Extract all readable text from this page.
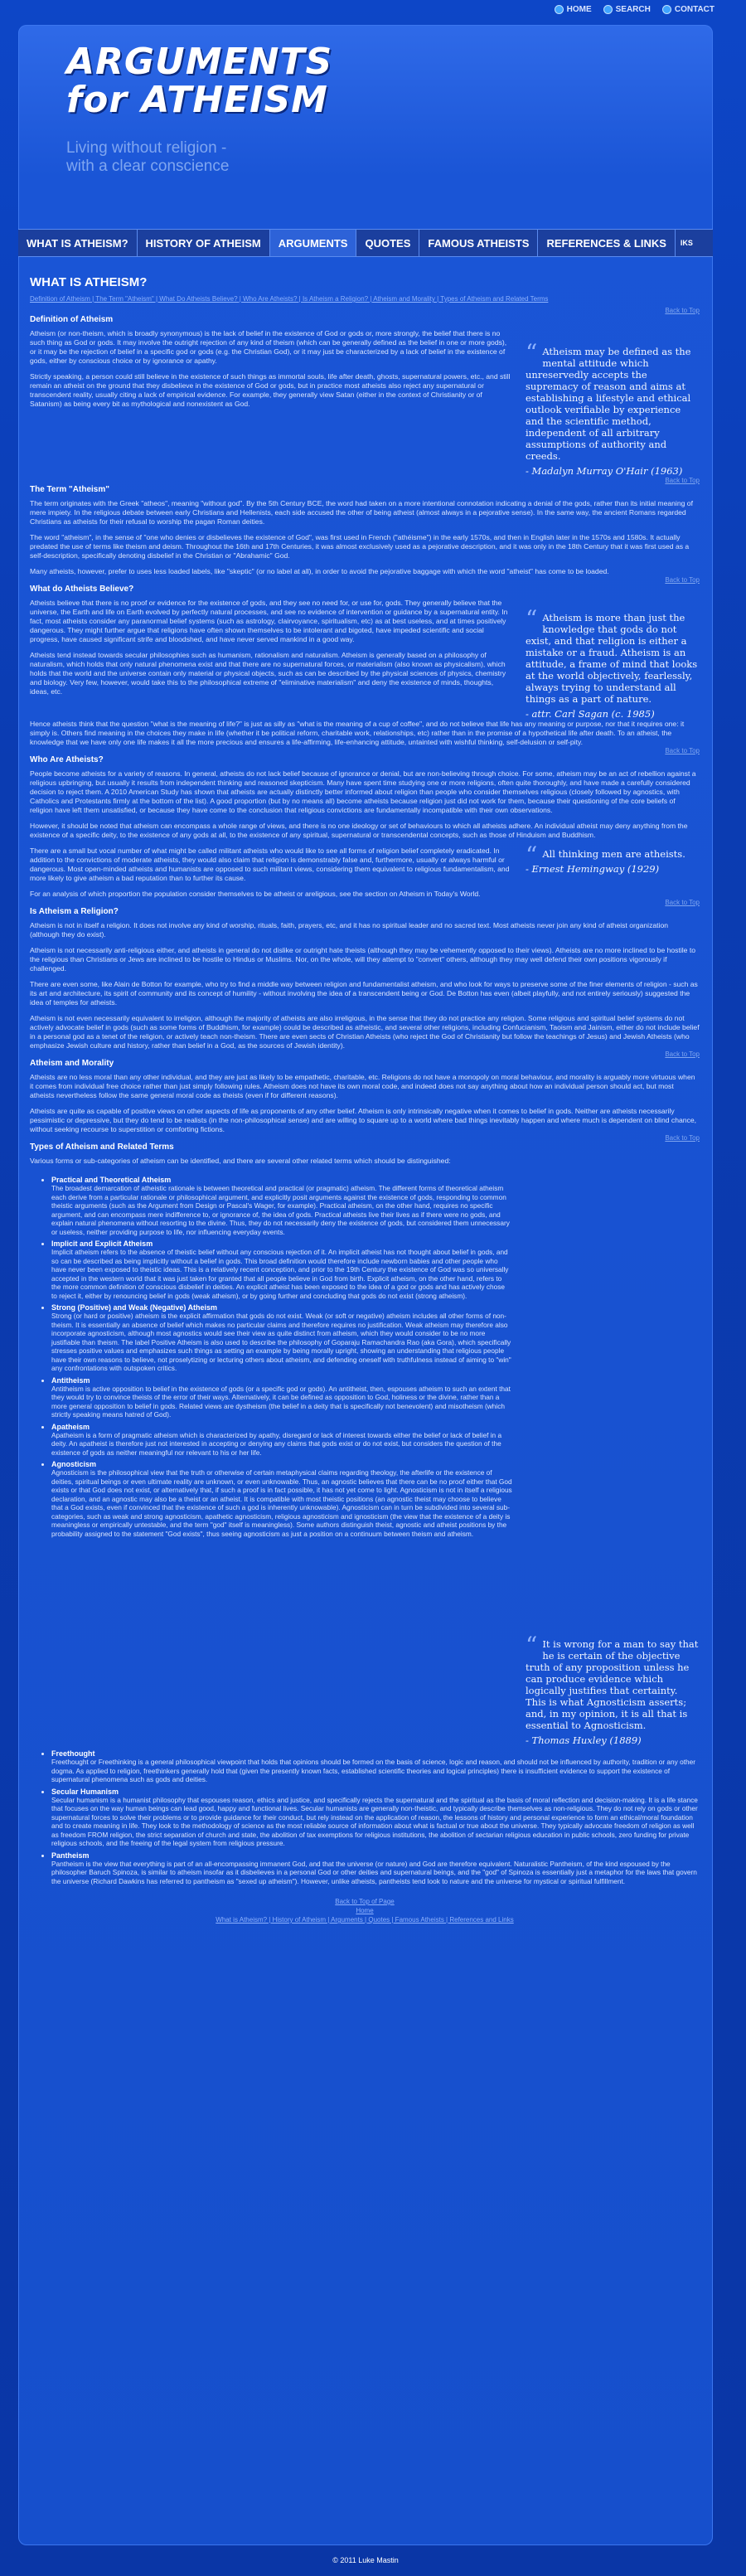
HOME	SEARCH	CONTACT
ARGUMENTS
for ATHEISM
Living without religion -
with a clear conscience
WHAT IS ATHEISM?	HISTORY OF ATHEISM	ARGUMENTS	QUOTES	FAMOUS ATHEISTS	REFERENCES & LINKS	IKS
WHAT IS ATHEISM?
Definition of Atheism | The Term "Atheism" | What Do Atheists Believe? | Who Are Atheists? | Is Atheism a Religion? | Atheism and Morality | Types of Atheism and Related Terms
Back to Top
Definition of Atheism

Atheism (or non-theism, which is broadly synonymous) is the lack of belief in the existence of God or gods or, more strongly, the belief that there is no such thing as God or gods. It may involve the outright rejection of any kind of theism (which can be generally defined as the belief in one or more gods), or it may be the rejection of belief in a specific god or gods (e.g. the Christian God), or it may just be characterized by a lack of belief in the existence of gods, either by conscious choice or by ignorance or apathy.

Strictly speaking, a person could still believe in the existence of such things as immortal souls, life after death, ghosts, supernatural powers, etc., and still remain an atheist on the ground that they disbelieve in the existence of God or gods, but in practice most atheists also reject any supernatural or transcendent reality, usually citing a lack of empirical evidence. For example, they generally view Satan (either in the context of Christianity or of Satanism) as being every bit as mythological and nonexistent as God.

“ Atheism may be defined as the mental attitude which unreservedly accepts the supremacy of reason and aims at establishing a lifestyle and ethical outlook verifiable by experience and the scientific method, independent of all arbitrary assumptions of authority and creeds.
- Madalyn Murray O'Hair (1963)
Back to Top
The Term "Atheism"

The term originates with the Greek "atheos", meaning "without god". By the 5th Century BCE, the word had taken on a more intentional connotation indicating a denial of the gods, rather than its initial meaning of mere impiety. In the religious debate between early Christians and Hellenists, each side accused the other of being atheist (almost always in a pejorative sense). In the same way, the ancient Romans regarded Christians as atheists for their refusal to worship the pagan Roman deities.

The word "atheism", in the sense of "one who denies or disbelieves the existence of God", was first used in French ("athéisme") in the early 1570s, and then in English later in the 1570s and 1580s. It actually predated the use of terms like theism and deism. Throughout the 16th and 17th Centuries, it was almost exclusively used as a pejorative description, and it was only in the 18th Century that it was first used as a self-description, specifically denoting disbelief in the Christian or "Abrahamic" God.

Many atheists, however, prefer to uses less loaded labels, like "skeptic" (or no label at all), in order to avoid the pejorative baggage with which the word "atheist" has come to be loaded.

Back to Top
What do Atheists Believe?

Atheists believe that there is no proof or evidence for the existence of gods, and they see no need for, or use for, gods. They generally believe that the universe, the Earth and life on Earth evolved by perfectly natural processes, and see no evidence of intervention or guidance by a supernatural entity. In fact, most atheists consider any paranormal belief systems (such as astrology, clairvoyance, spiritualism, etc) as at best useless, and at times positively dangerous. They might further argue that religions have often shown themselves to be intolerant and bigoted, have impeded scientific and social progress, have caused significant strife and bloodshed, and have never served mankind in a good way.

Atheists tend instead towards secular philosophies such as humanism, rationalism and naturalism. Atheism is generally based on a philosophy of naturalism, which holds that only natural phenomena exist and that there are no supernatural forces, or materialism (also known as physicalism), which holds that the world and the universe contain only material or physical objects, such as can be described by the physical sciences of physics, chemistry and biology. Very few, however, would take this to the philosophical extreme of "eliminative materialism" and deny the existence of minds, thoughts, ideas, etc.

“ Atheism is more than just the knowledge that gods do not exist, and that religion is either a mistake or a fraud. Atheism is an attitude, a frame of mind that looks at the world objectively, fearlessly, always trying to understand all things as a part of nature.
- attr. Carl Sagan (c. 1985)

Hence atheists think that the question "what is the meaning of life?" is just as silly as "what is the meaning of a cup of coffee", and do not believe that life has any meaning or purpose, nor that it requires one: it simply is. Others find meaning in the choices they make in life (whether it be political reform, charitable work, relationships, etc) rather than in the promise of a hypothetical life after death. To an atheist, the knowledge that we have only one life makes it all the more precious and ensures a life-affirming, life-enhancing attitude, untainted with wishful thinking, self-delusion or self-pity.

Back to Top
Who Are Atheists?

People become atheists for a variety of reasons. In general, atheists do not lack belief because of ignorance or denial, but are non-believing through choice. For some, atheism may be an act of rebellion against a religious upbringing, but usually it results from independent thinking and reasoned skepticism. Many have spent time studying one or more religions, often quite thoroughly, and have made a carefully considered decision to reject them. A 2010 American Study has shown that atheists are actually distinctly better informed about religion than people who consider themselves religious (closely followed by agnostics, with Catholics and Protestants firmly at the bottom of the list). A good proportion (but by no means all) become atheists because religion just did not work for them, because their questioning of the core beliefs of religion have left them unsatisfied, or because they have come to the conclusion that religious convictions are fundamentally incompatible with their own observations.

However, it should be noted that atheism can encompass a whole range of views, and there is no one ideology or set of behaviours to which all atheists adhere. An individual atheist may deny anything from the existence of a specific deity, to the existence of any gods at all, to the existence of any spiritual, supernatural or transcendental concepts, such as those of Hinduism and Buddhism.

There are a small but vocal number of what might be called militant atheists who would like to see all forms of religion belief completely eradicated. In addition to the convictions of moderate atheists, they would also claim that religion is demonstrably false and, furthermore, usually or always harmful or dangerous. Most open-minded atheists and humanists are opposed to such militant views, considering them equivalent to religious fundamentalism, and more likely to give atheism a bad reputation than to further its cause.

“ All thinking men are atheists.
- Ernest Hemingway (1929)

For an analysis of which proportion the population consider themselves to be atheist or areligious, see the section on Atheism in Today's World.

Back to Top
Is Atheism a Religion?

Atheism is not in itself a religion. It does not involve any kind of worship, rituals, faith, prayers, etc, and it has no spiritual leader and no sacred text. Most atheists never join any kind of atheist organization (although they do exist).

Atheism is not necessarily anti-religious either, and atheists in general do not dislike or outright hate theists (although they may be vehemently opposed to their views). Atheists are no more inclined to be hostile to the religious than Christians or Jews are inclined to be hostile to Hindus or Muslims. Nor, on the whole, will they attempt to "convert" others, although they may well defend their own positions vigorously if challenged.

There are even some, like Alain de Botton for example, who try to find a middle way between religion and fundamentalist atheism, and who look for ways to preserve some of the finer elements of religion - such as its art and architecture, its spirit of community and its concept of humility - without involving the idea of a transcendent being or God. De Botton has even (albeit playfully, and not entirely seriously) suggested the idea of temples for atheists.

Atheism is not even necessarily equivalent to irreligion, although the majority of atheists are also irreligious, in the sense that they do not practice any religion. Some religious and spiritual belief systems do not actively advocate belief in gods (such as some forms of Buddhism, for example) could be described as atheistic, and several other religions, including Confucianism, Taoism and Jainism, either do not include belief in a personal god as a tenet of the religion, or actively teach non-theism. There are even sects of Christian Atheists (who reject the God of Christianity but follow the teachings of Jesus) and Jewish Atheists (who emphasize Jewish culture and history, rather than belief in a God, as the sources of Jewish identity).

Back to Top
Atheism and Morality

Atheists are no less moral than any other individual, and they are just as likely to be empathetic, charitable, etc. Religions do not have a monopoly on moral behaviour, and morality is arguably more virtuous when it comes from individual free choice rather than just simply following rules. Atheism does not have its own moral code, and indeed does not say anything about how an individual person should act, but most atheists nevertheless follow the same general moral code as theists (even if for different reasons).

Atheists are quite as capable of positive views on other aspects of life as proponents of any other belief. Atheism is only intrinsically negative when it comes to belief in gods. Neither are atheists necessarily pessimistic or depressive, but they do tend to be realists (in the non-philosophical sense) and are willing to square up to a world where bad things inevitably happen and where much is dependent on blind chance, without seeking recourse to superstition or comforting fictions.

Back to Top
Types of Atheism and Related Terms

Various forms or sub-categories of atheism can be identified, and there are several other related terms which should be distinguished:

• Practical and Theoretical Atheism
The broadest demarcation of atheistic rationale is between theoretical and practical (or pragmatic) atheism. The different forms of theoretical atheism each derive from a particular rationale or philosophical argument, and explicitly posit arguments against the existence of gods, responding to common theistic arguments (such as the Argument from Design or Pascal's Wager, for example). Practical atheism, on the other hand, requires no specific argument, and can encompass mere indifference to, or ignorance of, the idea of gods. Practical atheists live their lives as if there were no gods, and explain natural phenomena without resorting to the divine. Thus, they do not necessarily deny the existence of gods, but considered them unnecessary or useless, neither providing purpose to life, nor influencing everyday events.
• Implicit and Explicit Atheism
Implicit atheism refers to the absence of theistic belief without any conscious rejection of it. An implicit atheist has not thought about belief in gods, and so can be described as being implicitly without a belief in gods. This broad definition would therefore include newborn babies and other people who have never been exposed to theistic ideas. This is a relatively recent conception, and prior to the 19th Century the existence of God was so universally accepted in the western world that it was just taken for granted that all people believe in God from birth. Explicit atheism, on the other hand, refers to the more common definition of conscious disbelief in deities. An explicit atheist has been exposed to the idea of a god or gods and has actively chose to reject it, either by renouncing belief in gods (weak atheism), or by going further and concluding that gods do not exist (strong atheism).
• Strong (Positive) and Weak (Negative) Atheism
Strong (or hard or positive) atheism is the explicit affirmation that gods do not exist. Weak (or soft or negative) atheism includes all other forms of non-theism. It is essentially an absence of belief which makes no particular claims and therefore requires no justification. Weak atheism may therefore also incorporate agnosticism, although most agnostics would see their view as quite distinct from atheism, which they would consider to be no more justifiable than theism. The label Positive Atheism is also used to describe the philosophy of Goparaju Ramachandra Rao (aka Gora), which specifically stresses positive values and emphasizes such things as setting an example by being morally upright, showing an understanding that religious people have their own reasons to believe, not proselytizing or lecturing others about atheism, and defending oneself with truthfulness instead of aiming to "win" any confrontations with outspoken critics.
• Antitheism
Antitheism is active opposition to belief in the existence of gods (or a specific god or gods). An antitheist, then, espouses atheism to such an extent that they would try to convince theists of the error of their ways. Alternatively, it can be defined as opposition to God, holiness or the divine, rather than a more general opposition to belief in gods. Related views are dystheism (the belief in a deity that is specifically not benevolent) and misotheism (which strictly speaking means hatred of God).
• Apatheism
Apatheism is a form of pragmatic atheism which is characterized by apathy, disregard or lack of interest towards either the belief or lack of belief in a deity. An apatheist is therefore just not interested in accepting or denying any claims that gods exist or do not exist, but considers the question of the existence of gods as neither meaningful nor relevant to his or her life.
• Agnosticism
Agnosticism is the philosophical view that the truth or otherwise of certain metaphysical claims regarding theology, the afterlife or the existence of deities, spiritual beings or even ultimate reality are unknown, or even unknowable. Thus, an agnostic believes that there can be no proof either that God exists or that God does not exist, or alternatively that, if such a proof is in fact possible, it has not yet come to light. Agnosticism is not in itself a religious declaration, and an agnostic may also be a theist or an atheist. It is compatible with most theistic positions (an agnostic theist may choose to believe that a God exists, even if convinced that the existence of such a god is inherently unknowable). Agnosticism can in turn be subdivided into several sub-categories, such as weak and strong agnosticism, apathetic agnosticism, religious agnosticism and ignosticism (the view that the existence of a deity is meaningless or empirically untestable, and the term "god" itself is meaningless). Some authors distinguish theist, agnostic and atheist positions by the probability assigned to the statement "God exists", thus seeing agnosticism as just a position on a continuum between theism and atheism.
“ It is wrong for a man to say that he is certain of the objective truth of any proposition unless he can produce evidence which logically justifies that certainty. This is what Agnosticism asserts; and, in my opinion, it is all that is essential to Agnosticism.
- Thomas Huxley (1889)
• Freethought
Freethought or Freethinking is a general philosophical viewpoint that holds that opinions should be formed on the basis of science, logic and reason, and should not be influenced by authority, tradition or any other dogma. As applied to religion, freethinkers generally hold that (given the presently known facts, established scientific theories and logical principles) there is insufficient evidence to support the existence of supernatural phenomena such as gods and deities.
• Secular Humanism
Secular humanism is a humanist philosophy that espouses reason, ethics and justice, and specifically rejects the supernatural and the spiritual as the basis of moral reflection and decision-making. It is a life stance that focuses on the way human beings can lead good, happy and functional lives. Secular humanists are generally non-theistic, and typically describe themselves as non-religious. They do not rely on gods or other supernatural forces to solve their problems or to provide guidance for their conduct, but rely instead on the application of reason, the lessons of history and personal experience to form an ethical/moral foundation and to create meaning in life. They look to the methodology of science as the most reliable source of information about what is factual or true about the universe. They typically advocate freedom of religion as well as freedom FROM religion, the strict separation of church and state, the abolition of tax exemptions for religious institutions, the abolition of sectarian religious education in public schools, zero funding for private religious schools, and the freeing of the legal system from religious pressure.
• Pantheism
Pantheism is the view that everything is part of an all-encompassing immanent God, and that the universe (or nature) and God are therefore equivalent. Naturalistic Pantheism, of the kind espoused by the philosopher Baruch Spinoza, is similar to atheism insofar as it disbelieves in a personal God or other deities and supernatural beings, and the "god" of Spinoza is essentially just a metaphor for the laws that govern the universe (Richard Dawkins has referred to pantheism as "sexed up atheism"). However, unlike atheists, pantheists tend look to nature and the universe for mystical or spiritual fulfillment.
Back to Top of Page
Home
What is Atheism? | History of Atheism | Arguments | Quotes | Famous Atheists | References and Links
© 2011 Luke Mastin
